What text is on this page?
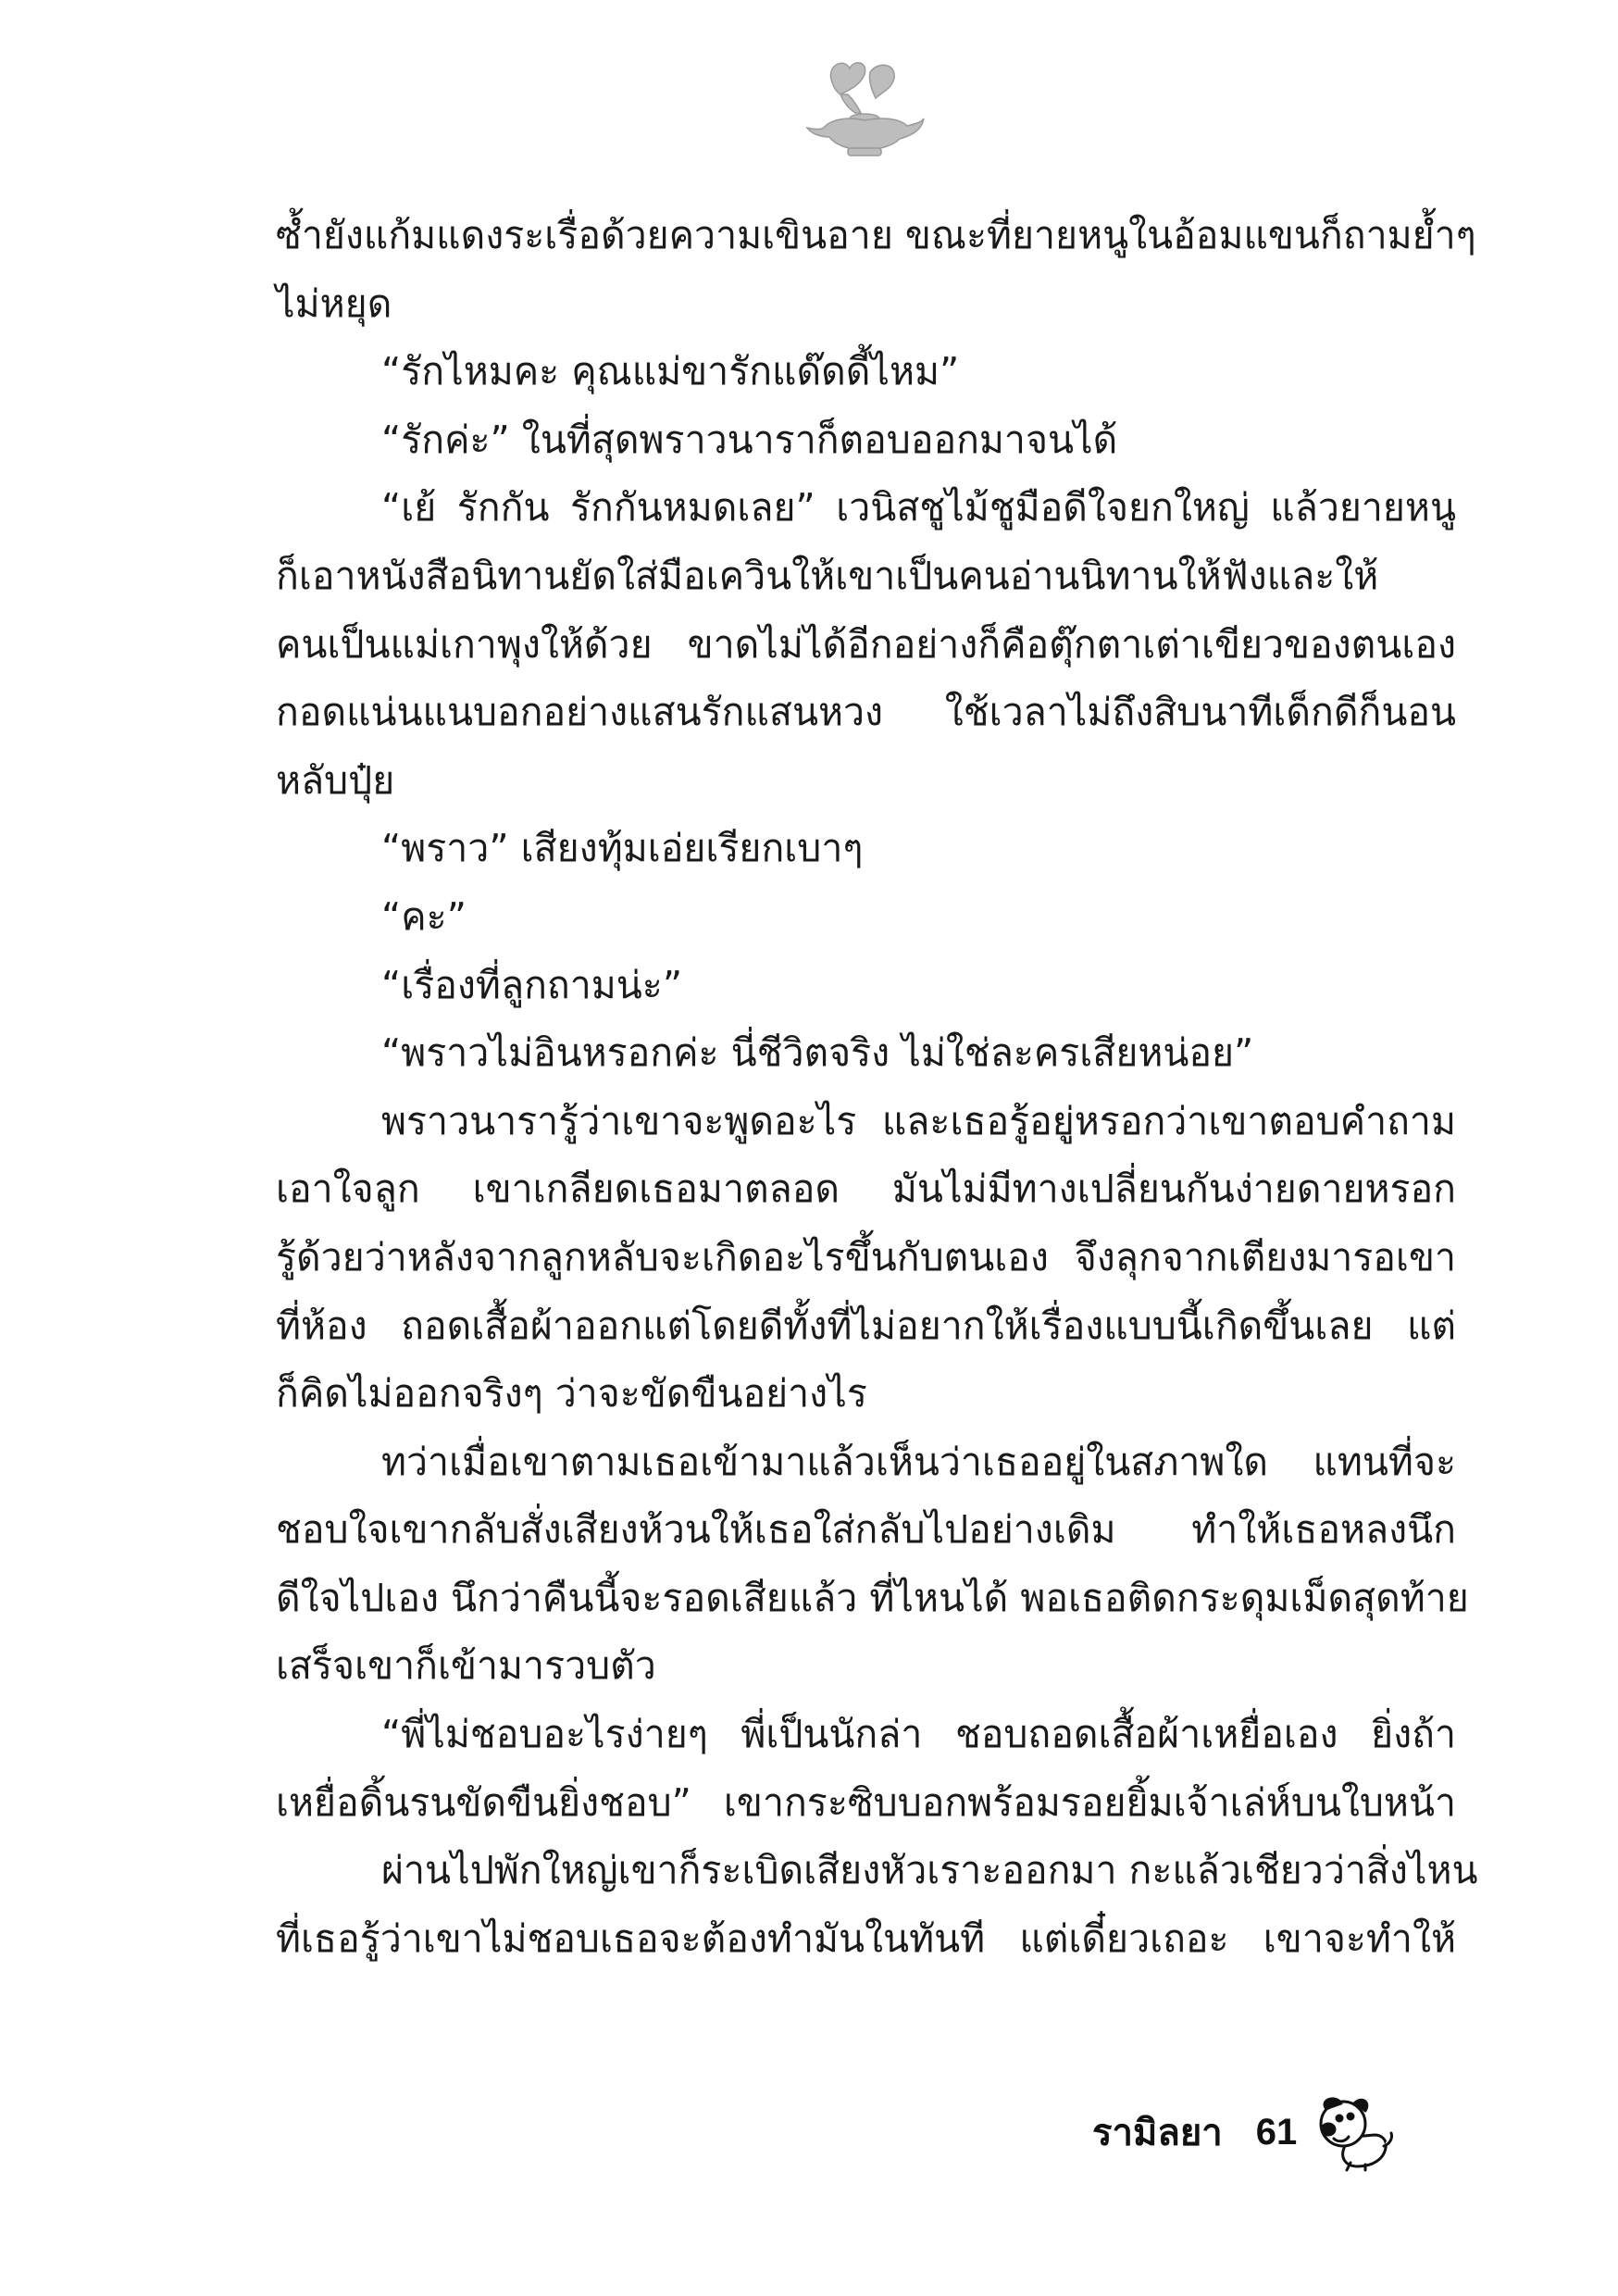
ซ้ำยังแก้มแดงระเรื่อด้วยความเขินอาย ขณะที่ยายหนูในอ้อมแขนก็ถามย้ำๆ
ไม่หยุด
“รักไหมคะ คุณแม่ขารักแด๊ดดี้ไหม”
“รักค่ะ” ในที่สุดพราวนาราก็ตอบออกมาจนได้
“เย้ รักกัน รักกันหมดเลย” เวนิสชูไม้ชูมือดีใจยกใหญ่ แล้วยายหนู
ก็เอาหนังสือนิทานยัดใส่มือเควินให้เขาเป็นคนอ่านนิทานให้ฟังและให้
คนเป็นแม่เกาพุงให้ด้วย ขาดไม่ได้อีกอย่างก็คือตุ๊กตาเต่าเขียวของตนเอง
กอดแน่นแนบอกอย่างแสนรักแสนหวง ใช้เวลาไม่ถึงสิบนาทีเด็กดีก็นอน
หลับปุ๋ย
“พราว” เสียงทุ้มเอ่ยเรียกเบาๆ
“คะ”
“เรื่องที่ลูกถามน่ะ”
“พราวไม่อินหรอกค่ะ นี่ชีวิตจริง ไม่ใช่ละครเสียหน่อย”
พราวนารารู้ว่าเขาจะพูดอะไร และเธอรู้อยู่หรอกว่าเขาตอบคำถาม
เอาใจลูก เขาเกลียดเธอมาตลอด มันไม่มีทางเปลี่ยนกันง่ายดายหรอก
รู้ด้วยว่าหลังจากลูกหลับจะเกิดอะไรขึ้นกับตนเอง จึงลุกจากเตียงมารอเขา
ที่ห้อง ถอดเสื้อผ้าออกแต่โดยดีทั้งที่ไม่อยากให้เรื่องแบบนี้เกิดขึ้นเลย แต่
ก็คิดไม่ออกจริงๆ ว่าจะขัดขืนอย่างไร
ทว่าเมื่อเขาตามเธอเข้ามาแล้วเห็นว่าเธออยู่ในสภาพใด แทนที่จะ
ชอบใจเขากลับสั่งเสียงห้วนให้เธอใส่กลับไปอย่างเดิม ทำให้เธอหลงนึก
ดีใจไปเอง นึกว่าคืนนี้จะรอดเสียแล้ว ที่ไหนได้ พอเธอติดกระดุมเม็ดสุดท้าย
เสร็จเขาก็เข้ามารวบตัว
“พี่ไม่ชอบอะไรง่ายๆ พี่เป็นนักล่า ชอบถอดเสื้อผ้าเหยื่อเอง ยิ่งถ้า
เหยื่อดิ้นรนขัดขืนยิ่งชอบ” เขากระซิบบอกพร้อมรอยยิ้มเจ้าเล่ห์บนใบหน้า
ผ่านไปพักใหญ่เขาก็ระเบิดเสียงหัวเราะออกมา กะแล้วเชียวว่าสิ่งไหน
ที่เธอรู้ว่าเขาไม่ชอบเธอจะต้องทำมันในทันที แต่เดี๋ยวเถอะ เขาจะทำให้
รามิลยา 61
